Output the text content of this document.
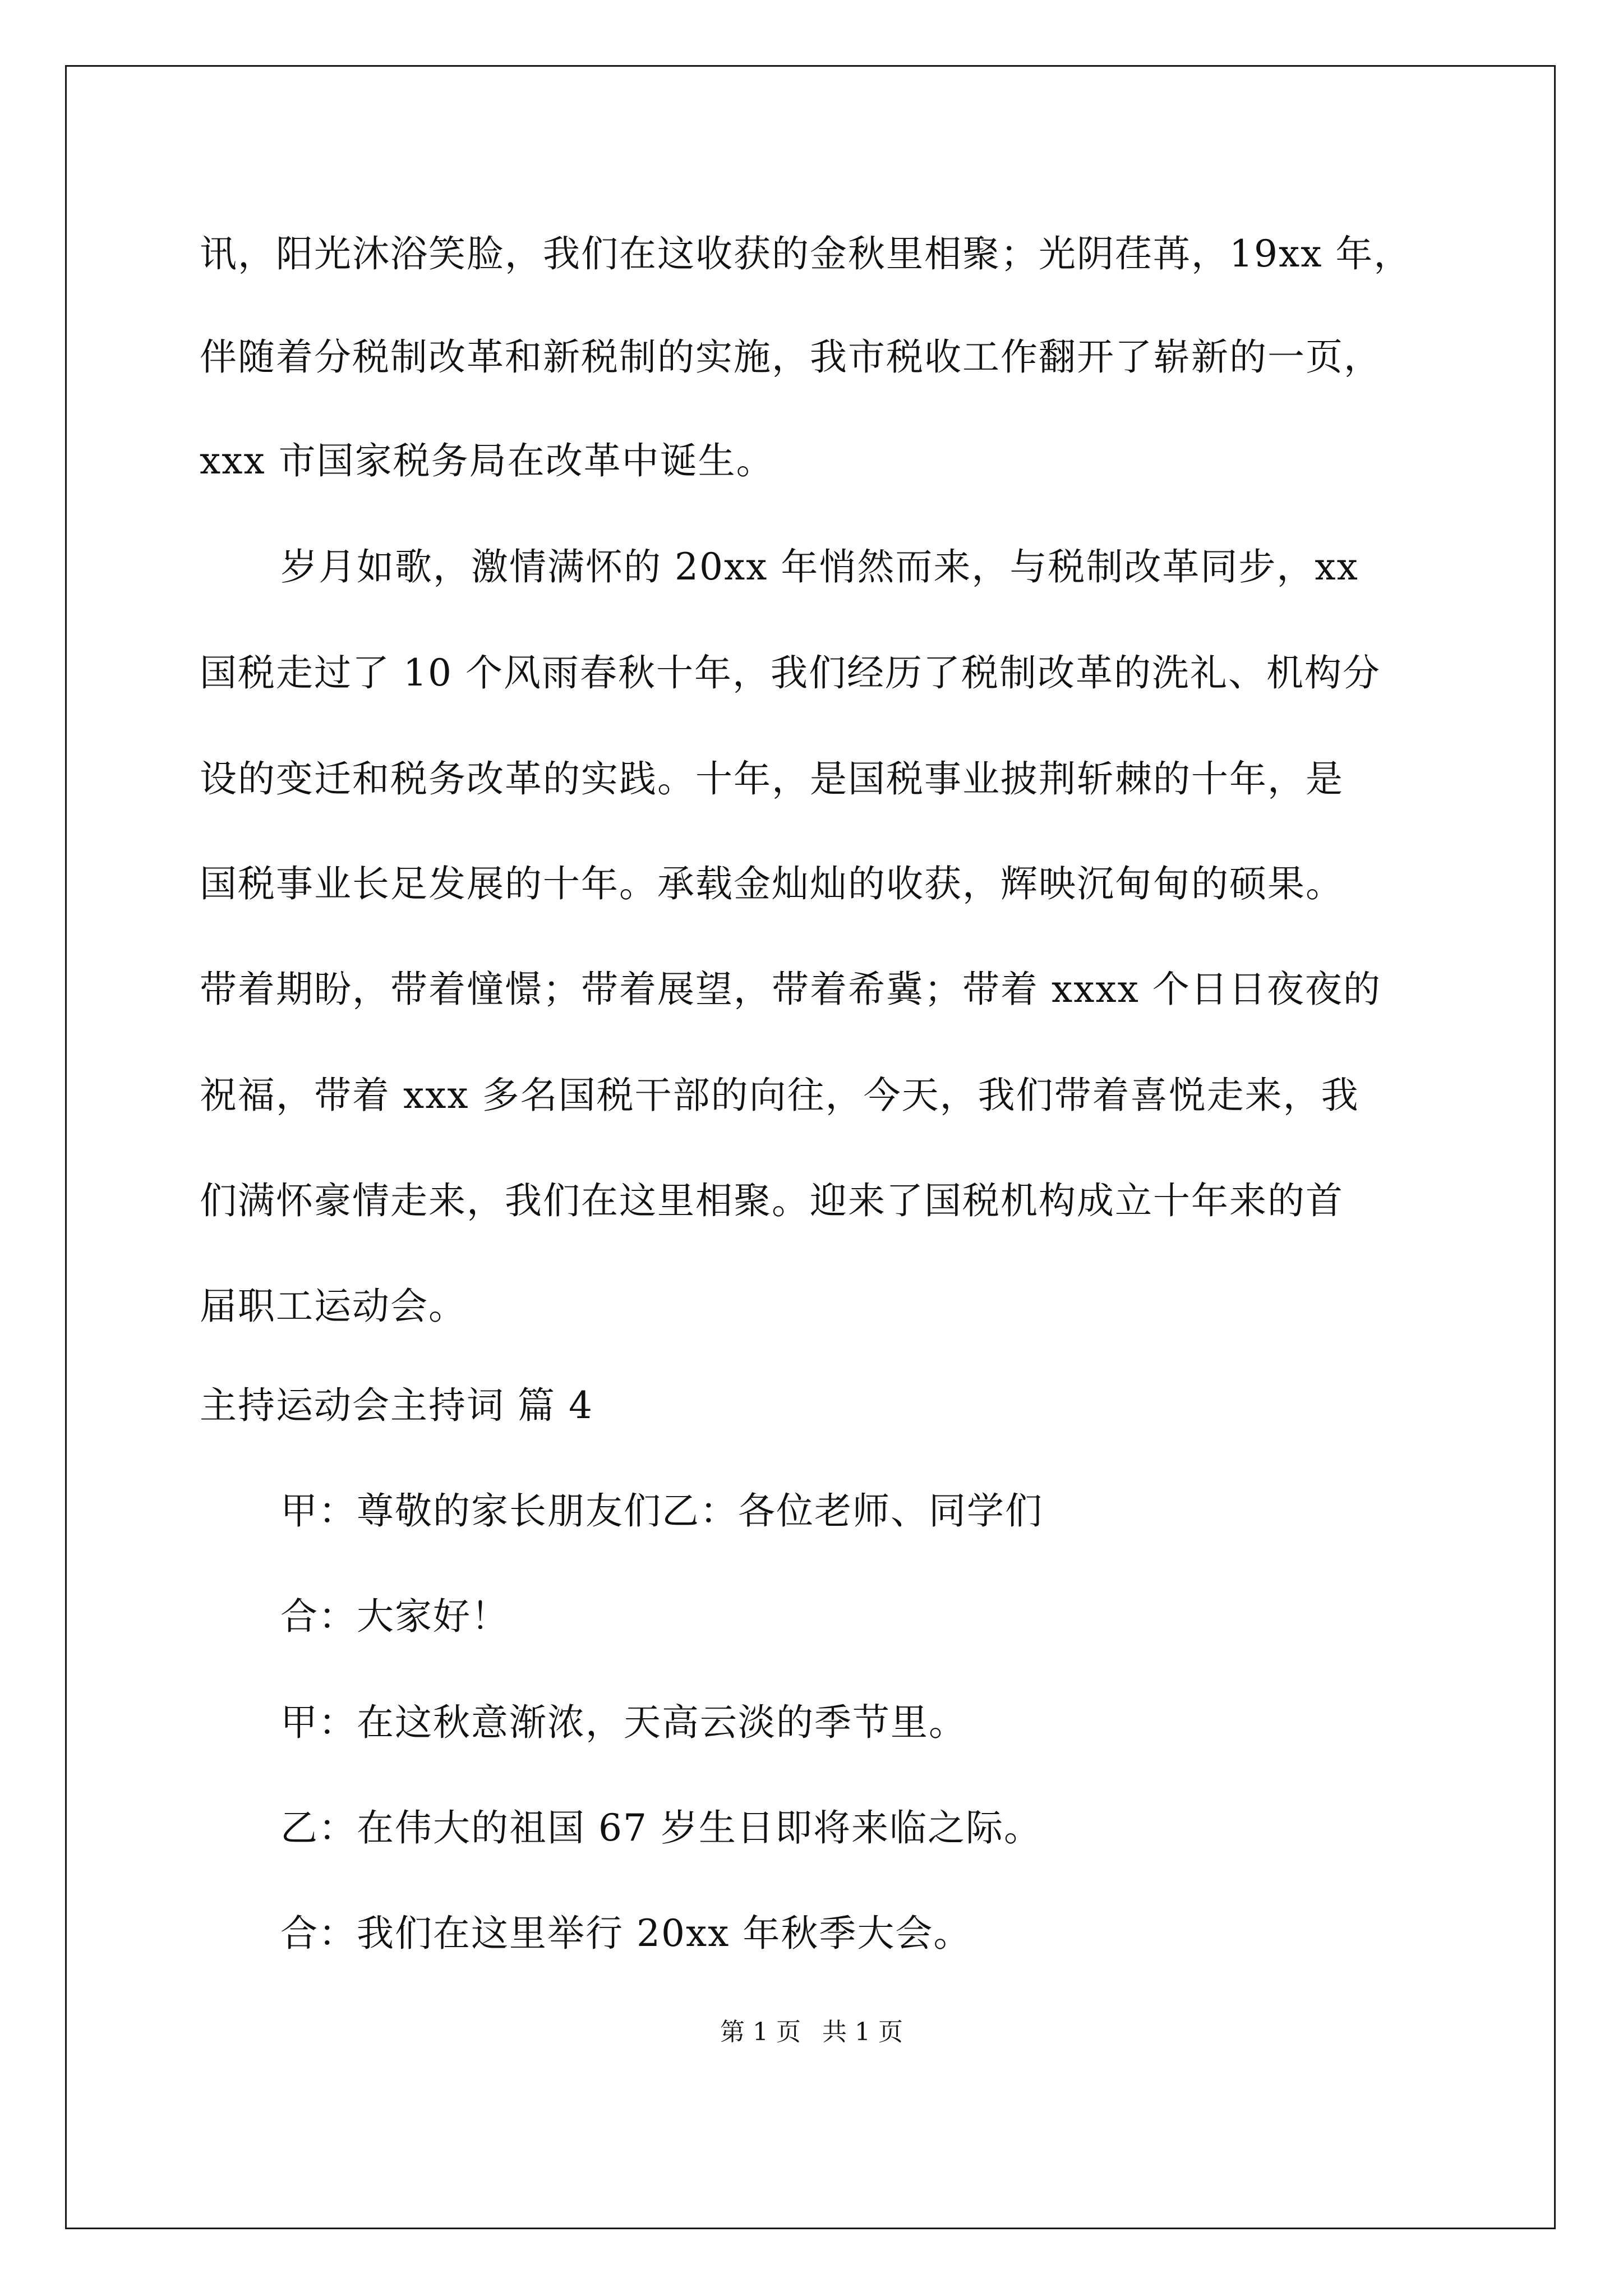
讯，阳光沐浴笑脸，我们在这收获的金秋里相聚；光阴荏苒，19xx 年，
伴随着分税制改革和新税制的实施，我市税收工作翻开了崭新的一页，
xxx 市国家税务局在改革中诞生。
岁月如歌，激情满怀的 20xx 年悄然而来，与税制改革同步，xx
国税走过了 10 个风雨春秋十年，我们经历了税制改革的洗礼、机构分
设的变迁和税务改革的实践。十年，是国税事业披荆斩棘的十年，是
国税事业长足发展的十年。承载金灿灿的收获，辉映沉甸甸的硕果。
带着期盼，带着憧憬；带着展望，带着希冀；带着 xxxx 个日日夜夜的
祝福，带着 xxx 多名国税干部的向往，今天，我们带着喜悦走来，我
们满怀豪情走来，我们在这里相聚。迎来了国税机构成立十年来的首
届职工运动会。
主持运动会主持词 篇 4
甲：尊敬的家长朋友们乙：各位老师、同学们
合：大家好！
甲：在这秋意渐浓，天高云淡的季节里。
乙：在伟大的祖国 67 岁生日即将来临之际。
合：我们在这里举行 20xx 年秋季大会。
第 1 页 共 1 页
